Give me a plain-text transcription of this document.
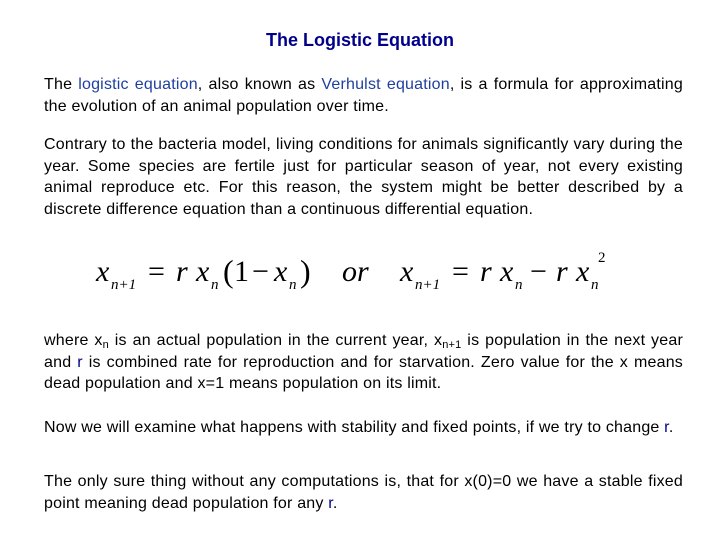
The Logistic Equation

The logistic equation, also known as Verhulst equation, is a formula for approximating the evolution of an animal population over time.

Contrary to the bacteria model, living conditions for animals significantly vary during the year. Some species are fertile just for particular season of year, not every existing animal reproduce etc. For this reason, the system might be better described by a discrete difference equation than a continuous differential equation.

x n+1 = r x n ( 1 − x n ) or x n+1 = r x n − r x n
2

where $x_n$ is an actual population in the current year, $x_{n+1}$ is population in the next year and r is combined rate for reproduction and for starvation. Zero value for the x means dead population and x=1 means population on its limit.

Now we will examine what happens with stability and fixed points, if we try to change r.

The only sure thing without any computations is, that for x(0)=0 we have a stable fixed point meaning dead population for any r.
